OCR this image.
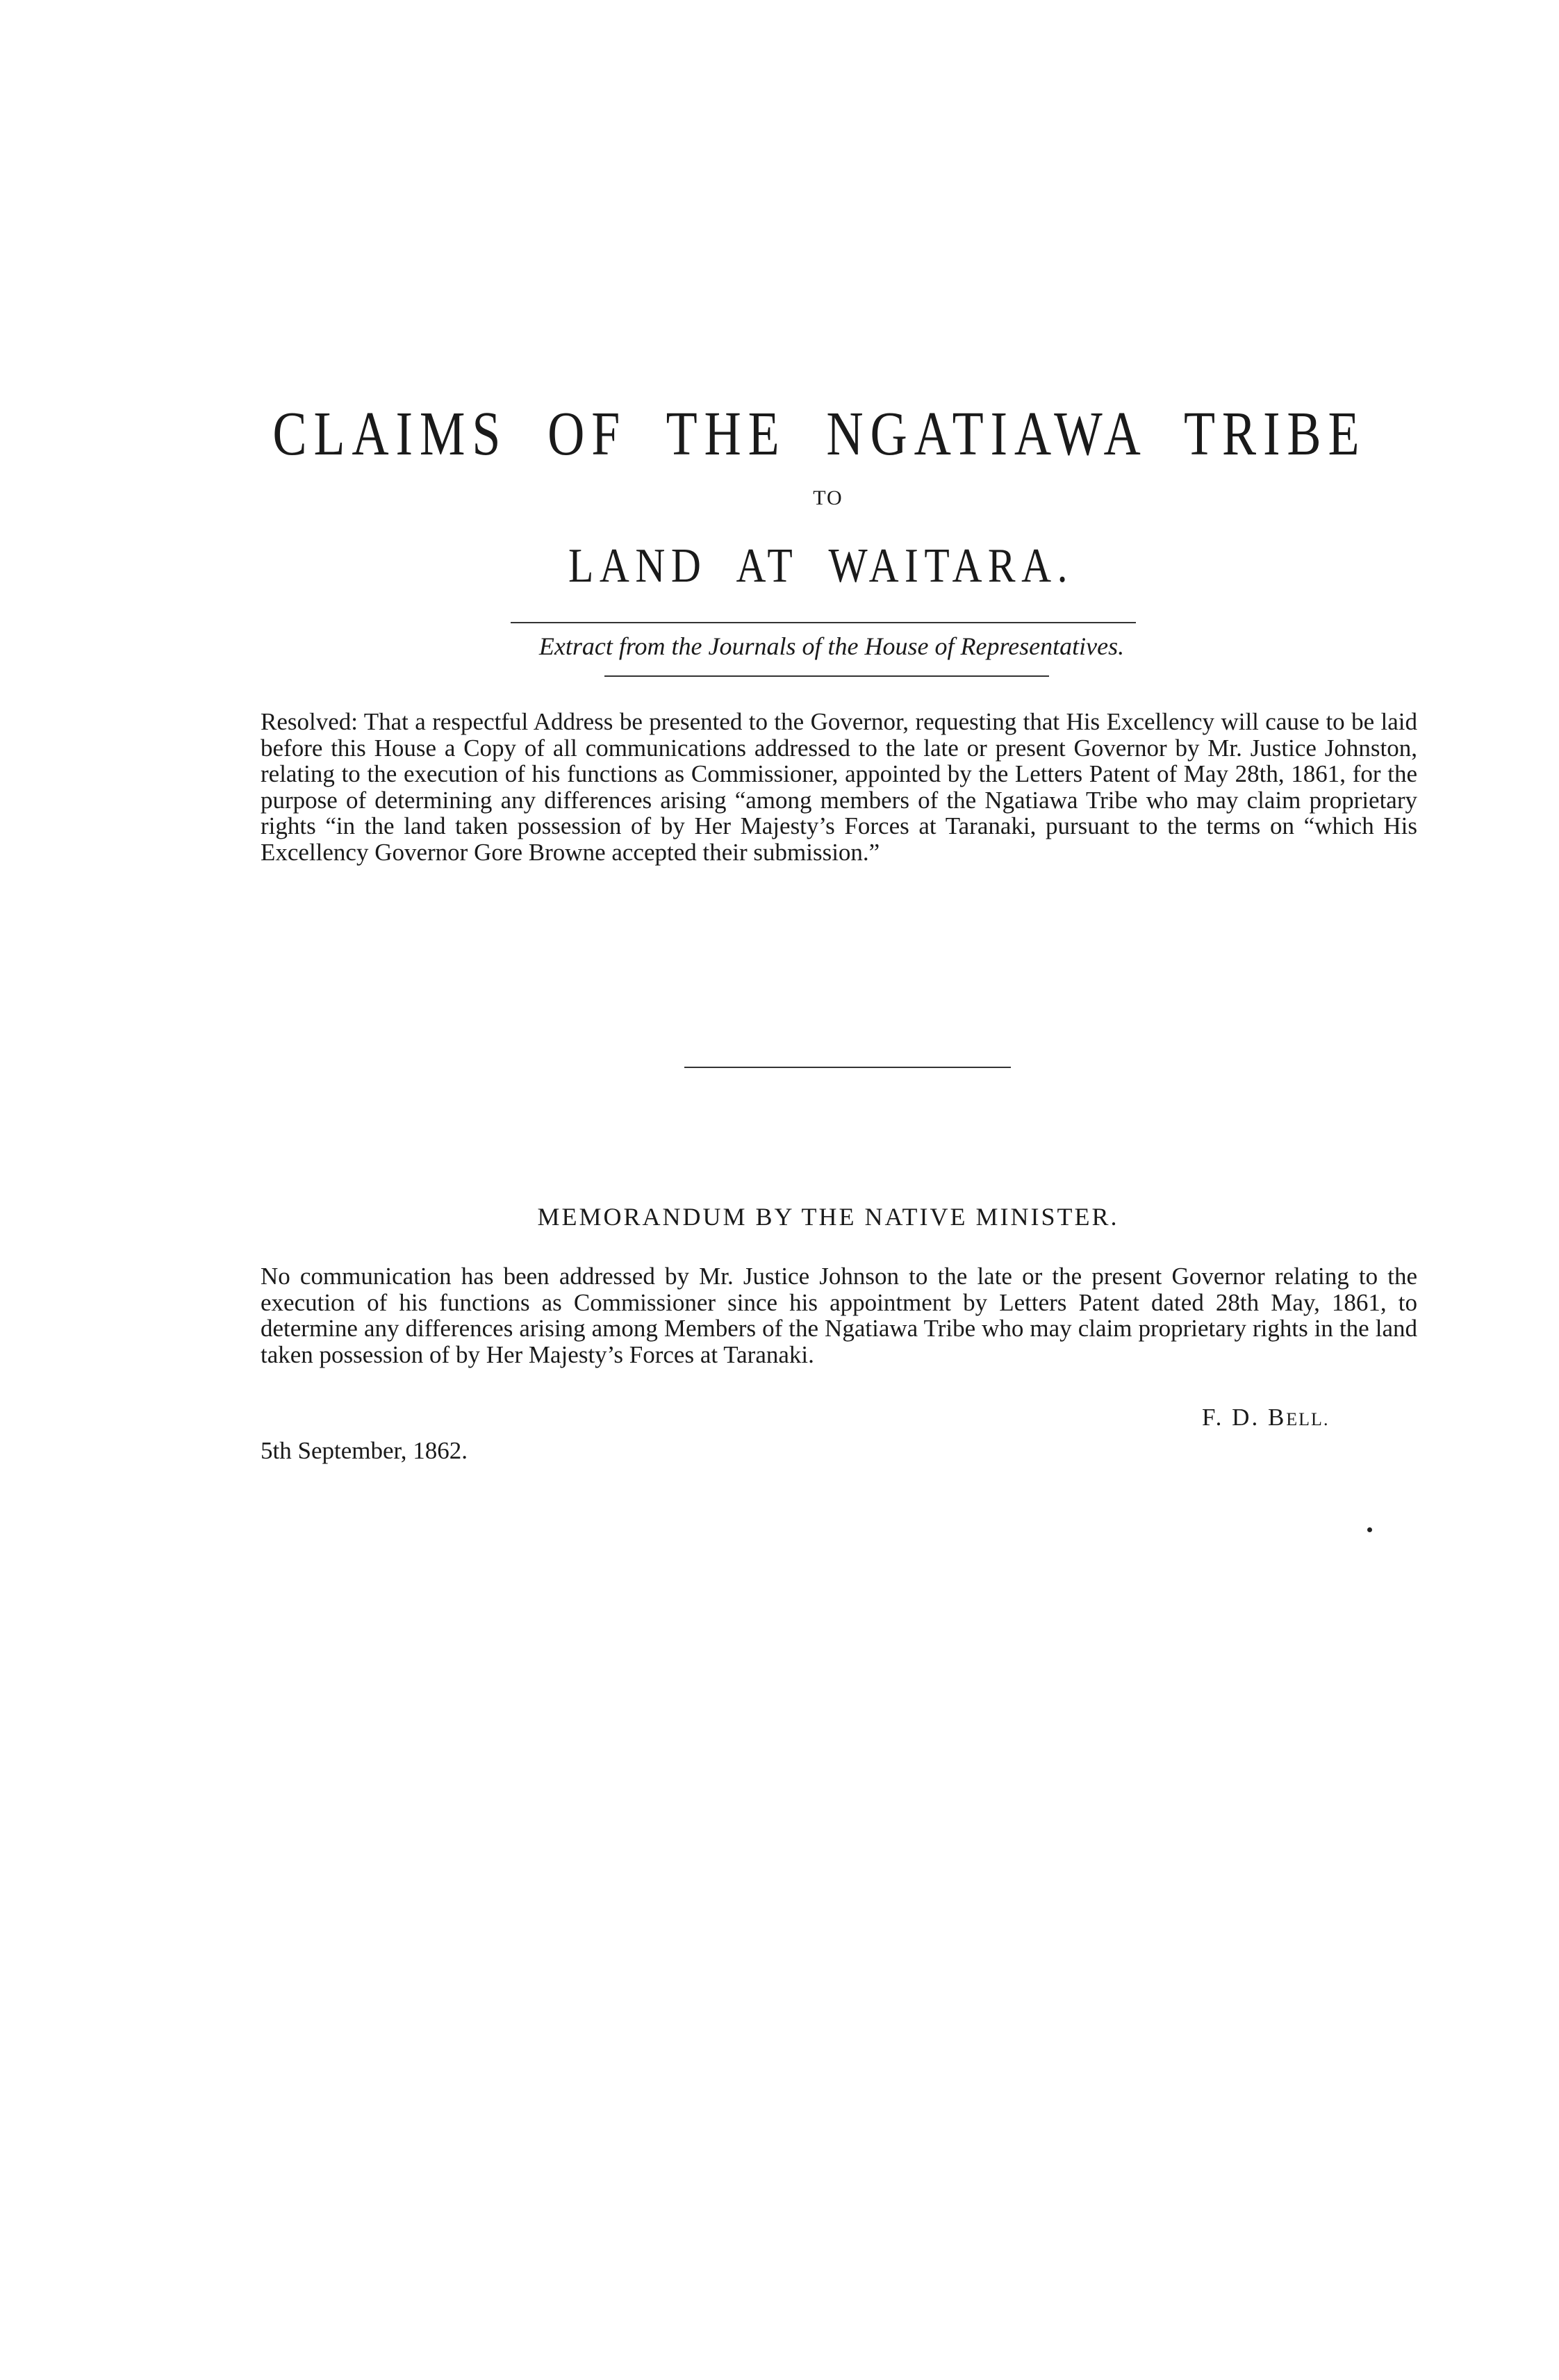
CLAIMS OF THE NGATIAWA TRIBE
TO
LAND AT WAITARA.
Extract from the Journals of the House of Representatives.

Resolved: That a respectful Address be presented to the Governor, requesting that His Excellency will cause to be laid before this House a Copy of all communications addressed to the late or present Governor by Mr. Justice Johnston, relating to the execution of his functions as Commissioner, appointed by the Letters Patent of May 28th, 1861, for the purpose of determining any differences arising “among members of the Ngatiawa Tribe who may claim proprietary rights “in the land taken possession of by Her Majesty’s Forces at Taranaki, pursuant to the terms on “which His Excellency Governor Gore Browne accepted their submission.”

MEMORANDUM BY THE NATIVE MINISTER.

No communication has been addressed by Mr. Justice Johnson to the late or the present Governor relating to the execution of his functions as Commissioner since his appointment by Letters Patent dated 28th May, 1861, to determine any differences arising among Members of the Ngatiawa Tribe who may claim proprietary rights in the land taken possession of by Her Majesty’s Forces at Taranaki.

F. D. BELL.
5th September, 1862.
